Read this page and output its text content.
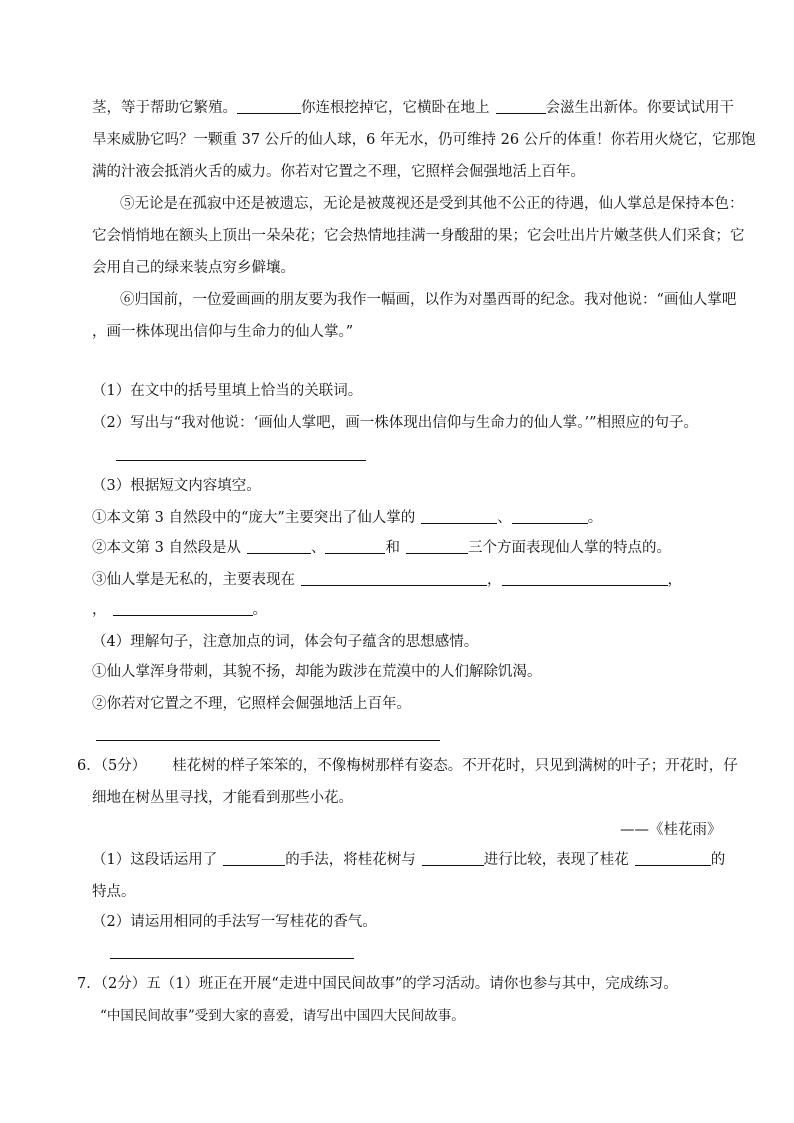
茎，等于帮助它繁殖。	你连根挖掉它，它横卧在地上	会滋生出新体。你要试试用干
旱来威胁它吗？一颗重 37 公斤的仙人球，6 年无水，仍可维持 26 公斤的体重！你若用火烧它，它那饱
满的汁液会抵消火舌的威力。你若对它置之不理，它照样会倔强地活上百年。
⑤无论是在孤寂中还是被遗忘，无论是被蔑视还是受到其他不公正的待遇，仙人掌总是保持本色：
它会悄悄地在额头上顶出一朵朵花；它会热情地挂满一身酸甜的果；它会吐出片片嫩茎供人们采食；它
会用自己的绿来装点穷乡僻壤。
⑥归国前，一位爱画画的朋友要为我作一幅画，以作为对墨西哥的纪念。我对他说：“画仙人掌吧
，画一株体现出信仰与生命力的仙人掌。”
（1）在文中的括号里填上恰当的关联词。
（2）写出与“我对他说：‘画仙人掌吧，画一株体现出信仰与生命力的仙人掌。’”相照应的句子。
（3）根据短文内容填空。
①本文第 3 自然段中的“庞大”主要突出了仙人掌的	、	。
②本文第 3 自然段是从	、	和	三个方面表现仙人掌的特点的。
③仙人掌是无私的，主要表现在	，	，
，	。
（4）理解句子，注意加点的词，体会句子蕴含的思想感情。
①仙人掌浑身带刺，其貌不扬，却能为跋涉在荒漠中的人们解除饥渴。
②你若对它置之不理，它照样会倔强地活上百年。
6．（5分） 桂花树的样子笨笨的，不像梅树那样有姿态。不开花时，只见到满树的叶子；开花时，仔
细地在树丛里寻找，才能看到那些小花。
——《桂花雨》
（1）这段话运用了	的手法，将桂花树与	进行比较，表现了桂花	的
特点。
（2）请运用相同的手法写一写桂花的香气。
7．（2分）五（1）班正在开展“走进中国民间故事”的学习活动。请你也参与其中，完成练习。
“中国民间故事”受到大家的喜爱，请写出中国四大民间故事。
